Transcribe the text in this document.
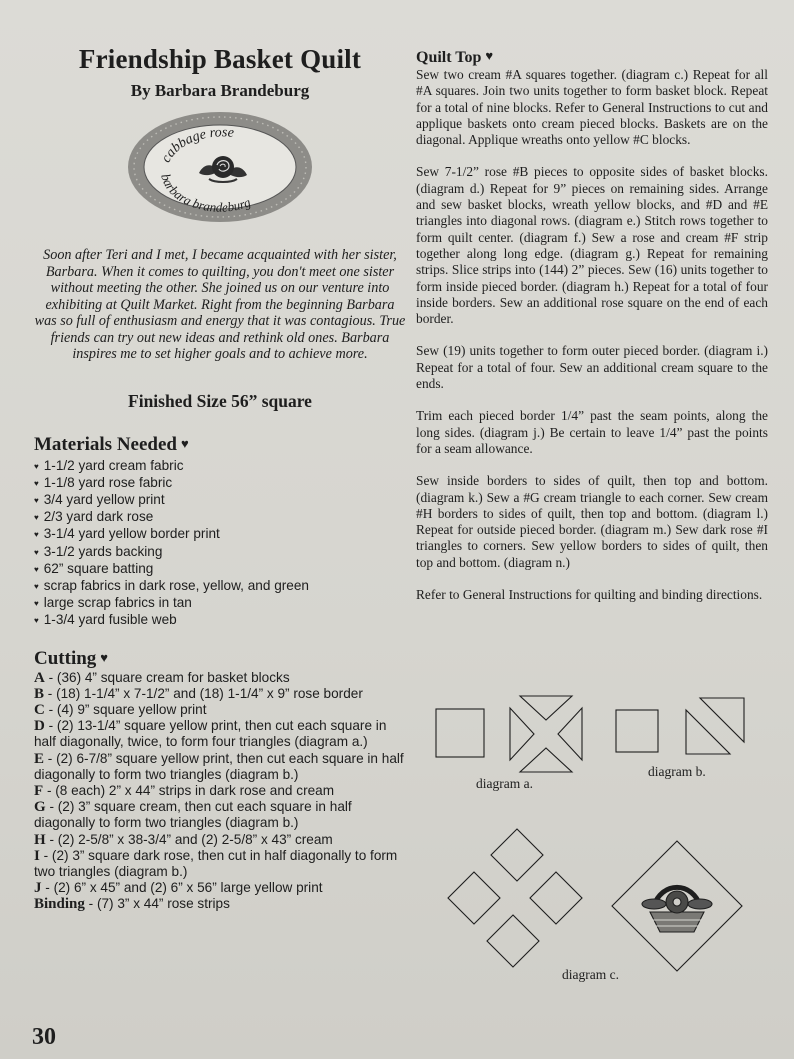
Friendship Basket Quilt

By Barbara Brandeburg

cabbage rose
barbara brandeburg

Soon after Teri and I met, I became acquainted with her sister, Barbara. When it comes to quilting, you don't meet one sister without meeting the other. She joined us on our venture into exhibiting at Quilt Market. Right from the beginning Barbara was so full of enthusiasm and energy that it was contagious. True friends can try out new ideas and rethink old ones. Barbara inspires me to set higher goals and to achieve more.

Finished Size 56” square

Materials Needed ♥
♥ 1-1/2 yard cream fabric
♥ 1-1/8 yard rose fabric
♥ 3/4 yard yellow print
♥ 2/3 yard dark rose
♥ 3-1/4 yard yellow border print
♥ 3-1/2 yards backing
♥ 62” square batting
♥ scrap fabrics in dark rose, yellow, and green
♥ large scrap fabrics in tan
♥ 1-3/4 yard fusible web
Cutting ♥
A - (36) 4” square cream for basket blocks
B - (18) 1-1/4” x 7-1/2” and (18) 1-1/4” x 9” rose border
C - (4) 9” square yellow print
D - (2) 13-1/4” square yellow print, then cut each square in half diagonally, twice, to form four triangles (diagram a.)
E - (2) 6-7/8” square yellow print, then cut each square in half diagonally to form two triangles (diagram b.)
F - (8 each) 2” x 44” strips in dark rose and cream
G - (2) 3” square cream, then cut each square in half diagonally to form two triangles (diagram b.)
H - (2) 2-5/8” x 38-3/4” and (2) 2-5/8” x 43” cream
I - (2) 3” square dark rose, then cut in half diagonally to form two triangles (diagram b.)
J - (2) 6” x 45” and (2) 6” x 56” large yellow print
Binding - (7) 3” x 44” rose strips
Quilt Top ♥

Sew two cream #A squares together. (diagram c.) Repeat for all #A squares. Join two units together to form basket block. Repeat for a total of nine blocks. Refer to General Instructions to cut and applique baskets onto cream pieced blocks. Baskets are on the diagonal. Applique wreaths onto yellow #C blocks.

Sew 7-1/2” rose #B pieces to opposite sides of basket blocks. (diagram d.) Repeat for 9” pieces on remaining sides. Arrange and sew basket blocks, wreath yellow blocks, and #D and #E triangles into diagonal rows. (diagram e.) Stitch rows together to form quilt center. (diagram f.) Sew a rose and cream #F strip together along long edge. (diagram g.) Repeat for remaining strips. Slice strips into (144) 2” pieces. Sew (16) units together to form inside pieced border. (diagram h.) Repeat for a total of four inside borders. Sew an additional rose square on the end of each border.

Sew (19) units together to form outer pieced border. (diagram i.) Repeat for a total of four. Sew an additional cream square to the ends.

Trim each pieced border 1/4” past the seam points, along the long sides. (diagram j.) Be certain to leave 1/4” past the points for a seam allowance.

Sew inside borders to sides of quilt, then top and bottom. (diagram k.) Sew a #G cream triangle to each corner. Sew cream #H borders to sides of quilt, then top and bottom. (diagram l.) Repeat for outside pieced border. (diagram m.) Sew dark rose #I triangles to corners. Sew yellow borders to sides of quilt, then top and bottom. (diagram n.)

Refer to General Instructions for quilting and binding directions.

diagram a.
diagram b.
diagram c.
30
